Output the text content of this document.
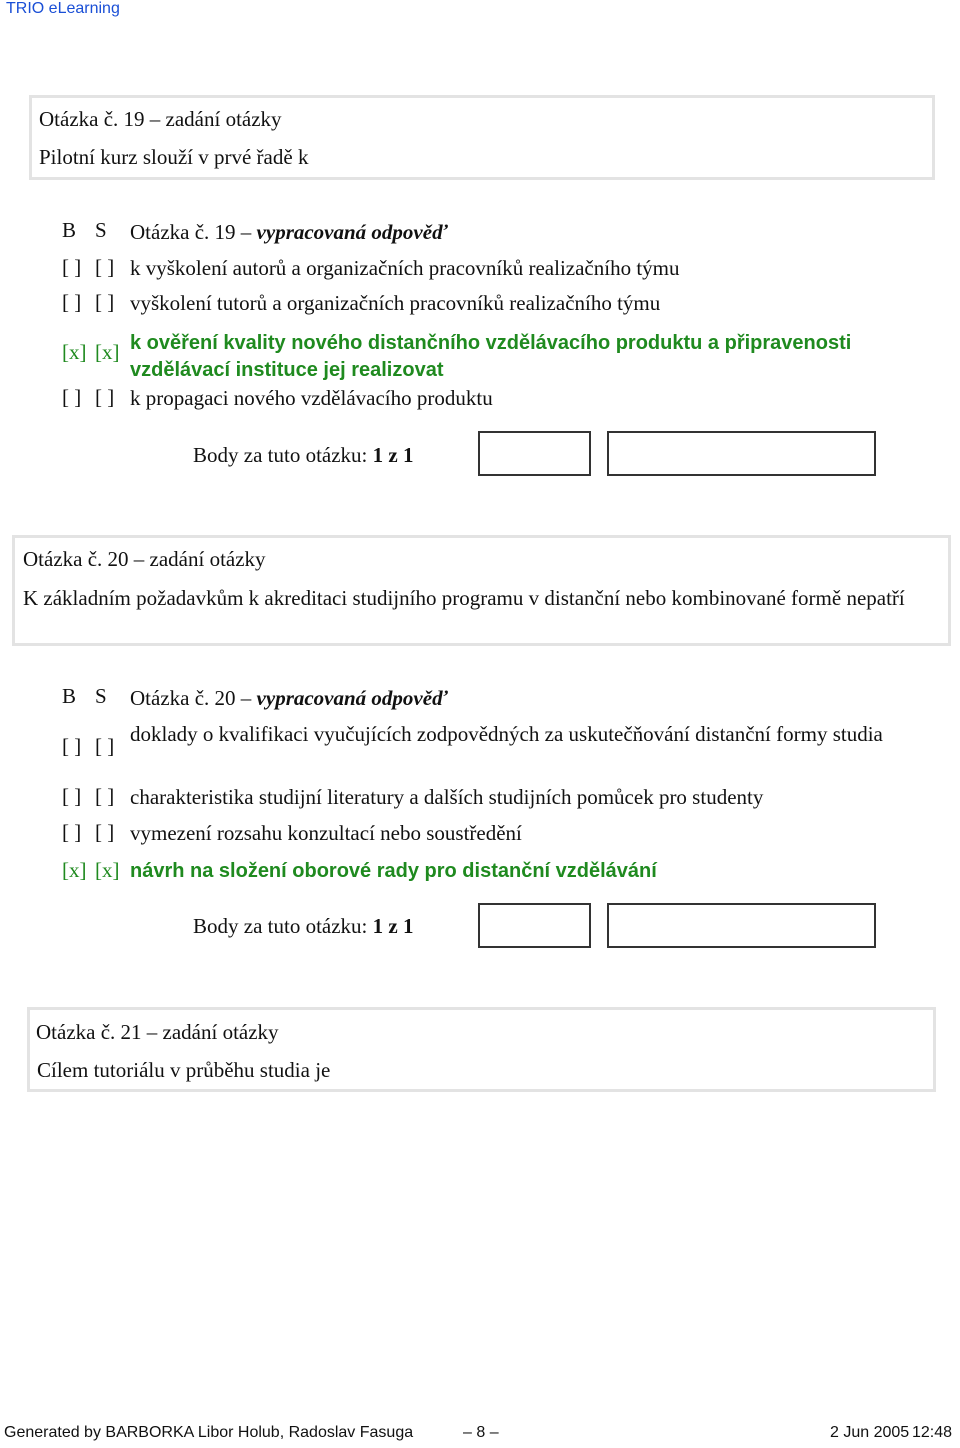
TRIO eLearning
Otázka č. 19 – zadání otázky
Pilotní kurz slouží v prvé řadě k
B S Otázka č. 19 – vypracovaná odpověď
[ ] [ ] k vyškolení autorů a organizačních pracovníků realizačního týmu
[ ] [ ] vyškolení tutorů a organizačních pracovníků realizačního týmu
[x] [x] k ověření kvality nového distančního vzdělávacího produktu a připravenosti vzdělávací instituce jej realizovat
[ ] [ ] k propagaci nového vzdělávacího produktu
Body za tuto otázku: 1 z 1
Otázka č. 20 – zadání otázky
K základním požadavkům k akreditaci studijního programu v distanční nebo kombinované formě nepatří
B S Otázka č. 20 – vypracovaná odpověď
[ ] [ ] doklady o kvalifikaci vyučujících zodpovědných za uskutečňování distanční formy studia
[ ] [ ] charakteristika studijní literatury a dalších studijních pomůcek pro studenty
[ ] [ ] vymezení rozsahu konzultací nebo soustředění
[x] [x] návrh na složení oborové rady pro distanční vzdělávání
Body za tuto otázku: 1 z 1
Otázka č. 21 – zadání otázky
Cílem tutoriálu v průběhu studia je
Generated by BARBORKA Libor Holub, Radoslav Fasuga	– 8 –	2 Jun 2005 12:48
